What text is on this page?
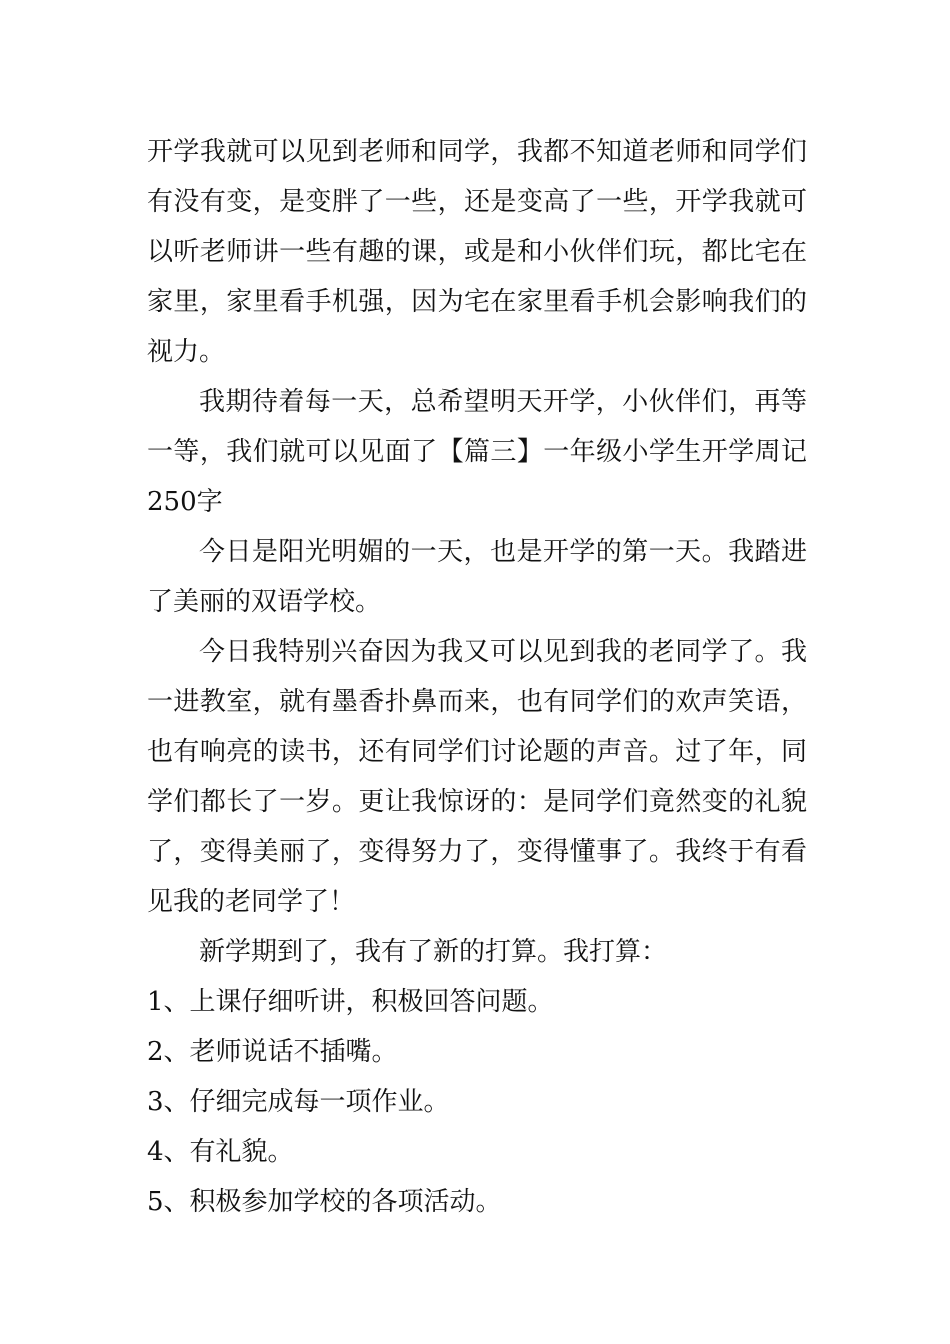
开学我就可以见到老师和同学，我都不知道老师和同学们有没有变，是变胖了一些，还是变高了一些，开学我就可以听老师讲一些有趣的课，或是和小伙伴们玩，都比宅在家里，家里看手机强，因为宅在家里看手机会影响我们的视力。

我期待着每一天，总希望明天开学，小伙伴们，再等一等，我们就可以见面了【篇三】一年级小学生开学周记250字

今日是阳光明媚的一天，也是开学的第一天。我踏进了美丽的双语学校。

今日我特别兴奋因为我又可以见到我的老同学了。我一进教室，就有墨香扑鼻而来，也有同学们的欢声笑语，也有响亮的读书，还有同学们讨论题的声音。过了年，同学们都长了一岁。更让我惊讶的：是同学们竟然变的礼貌了，变得美丽了，变得努力了，变得懂事了。我终于有看见我的老同学了！

新学期到了，我有了新的打算。我打算：

1、上课仔细听讲，积极回答问题。

2、老师说话不插嘴。

3、仔细完成每一项作业。

4、有礼貌。

5、积极参加学校的各项活动。
